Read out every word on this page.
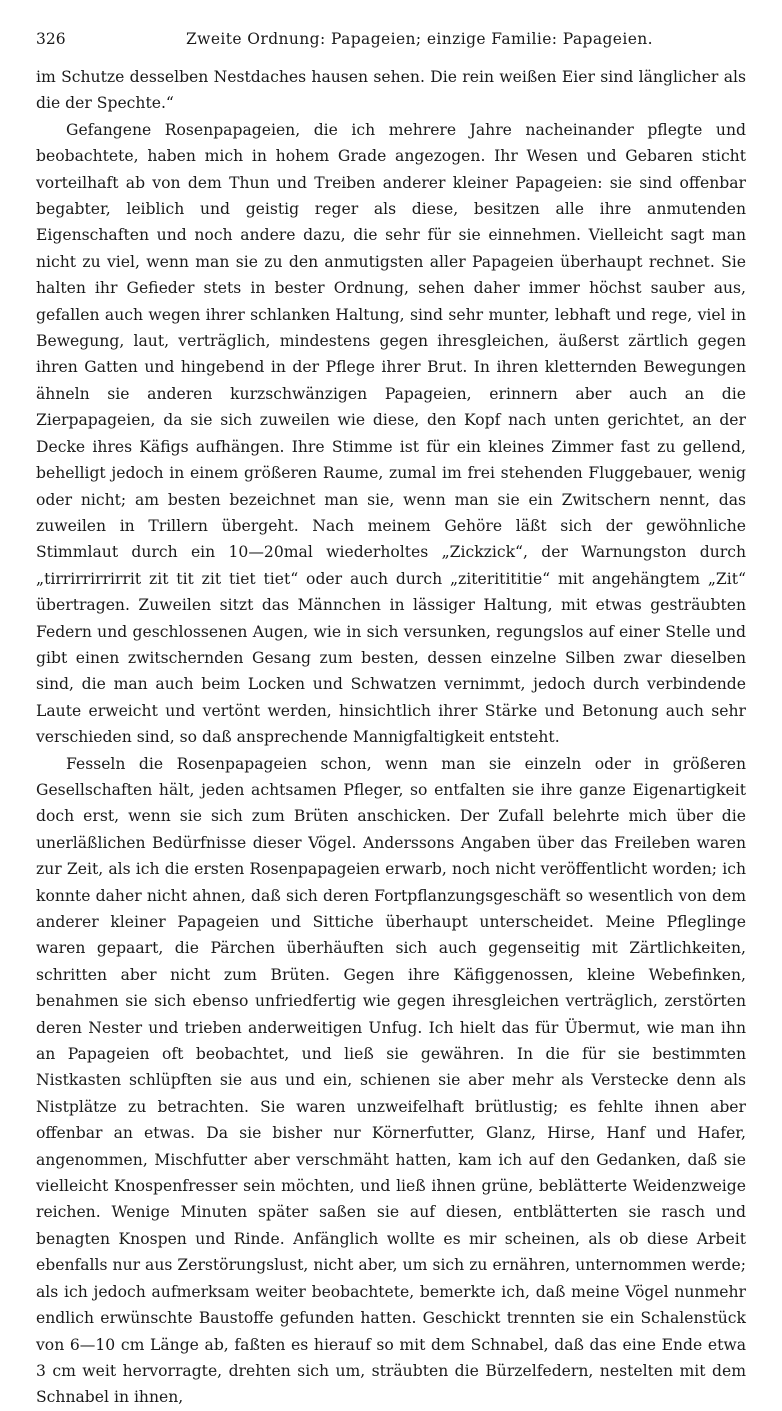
326	Zweite Ordnung: Papageien; einzige Familie: Papageien.

im Schutze desselben Nestdaches hausen sehen. Die rein weißen Eier sind länglicher als die der Spechte.“

Gefangene Rosenpapageien, die ich mehrere Jahre nacheinander pflegte und beobachtete, haben mich in hohem Grade angezogen. Ihr Wesen und Gebaren sticht vorteilhaft ab von dem Thun und Treiben anderer kleiner Papageien: sie sind offenbar begabter, leiblich und geistig reger als diese, besitzen alle ihre anmutenden Eigenschaften und noch andere dazu, die sehr für sie einnehmen. Vielleicht sagt man nicht zu viel, wenn man sie zu den anmutigsten aller Papageien überhaupt rechnet. Sie halten ihr Gefieder stets in bester Ordnung, sehen daher immer höchst sauber aus, gefallen auch wegen ihrer schlanken Haltung, sind sehr munter, lebhaft und rege, viel in Bewegung, laut, verträglich, mindestens gegen ihresgleichen, äußerst zärtlich gegen ihren Gatten und hingebend in der Pflege ihrer Brut. In ihren kletternden Bewegungen ähneln sie anderen kurzschwänzigen Papageien, erinnern aber auch an die Zierpapageien, da sie sich zuweilen wie diese, den Kopf nach unten gerichtet, an der Decke ihres Käfigs aufhängen. Ihre Stimme ist für ein kleines Zimmer fast zu gellend, behelligt jedoch in einem größeren Raume, zumal im frei stehenden Fluggebauer, wenig oder nicht; am besten bezeichnet man sie, wenn man sie ein Zwitschern nennt, das zuweilen in Trillern übergeht. Nach meinem Gehöre läßt sich der gewöhnliche Stimmlaut durch ein 10—20mal wiederholtes „Zickzick“, der Warnungston durch „tirrirrirrirrit zit tit zit tiet tiet“ oder auch durch „ziteritititie“ mit angehängtem „Zit“ übertragen. Zuweilen sitzt das Männchen in lässiger Haltung, mit etwas gesträubten Federn und geschlossenen Augen, wie in sich versunken, regungslos auf einer Stelle und gibt einen zwitschernden Gesang zum besten, dessen einzelne Silben zwar dieselben sind, die man auch beim Locken und Schwatzen vernimmt, jedoch durch verbindende Laute erweicht und vertönt werden, hinsichtlich ihrer Stärke und Betonung auch sehr verschieden sind, so daß ansprechende Mannigfaltigkeit entsteht.

Fesseln die Rosenpapageien schon, wenn man sie einzeln oder in größeren Gesellschaften hält, jeden achtsamen Pfleger, so entfalten sie ihre ganze Eigenartigkeit doch erst, wenn sie sich zum Brüten anschicken. Der Zufall belehrte mich über die unerläßlichen Bedürfnisse dieser Vögel. Anderssons Angaben über das Freileben waren zur Zeit, als ich die ersten Rosenpapageien erwarb, noch nicht veröffentlicht worden; ich konnte daher nicht ahnen, daß sich deren Fortpflanzungsgeschäft so wesentlich von dem anderer kleiner Papageien und Sittiche überhaupt unterscheidet. Meine Pfleglinge waren gepaart, die Pärchen überhäuften sich auch gegenseitig mit Zärtlichkeiten, schritten aber nicht zum Brüten. Gegen ihre Käfiggenossen, kleine Webefinken, benahmen sie sich ebenso unfriedfertig wie gegen ihresgleichen verträglich, zerstörten deren Nester und trieben anderweitigen Unfug. Ich hielt das für Übermut, wie man ihn an Papageien oft beobachtet, und ließ sie gewähren. In die für sie bestimmten Nistkasten schlüpften sie aus und ein, schienen sie aber mehr als Verstecke denn als Nistplätze zu betrachten. Sie waren unzweifelhaft brütlustig; es fehlte ihnen aber offenbar an etwas. Da sie bisher nur Körnerfutter, Glanz, Hirse, Hanf und Hafer, angenommen, Mischfutter aber verschmäht hatten, kam ich auf den Gedanken, daß sie vielleicht Knospenfresser sein möchten, und ließ ihnen grüne, beblätterte Weidenzweige reichen. Wenige Minuten später saßen sie auf diesen, entblätterten sie rasch und benagten Knospen und Rinde. Anfänglich wollte es mir scheinen, als ob diese Arbeit ebenfalls nur aus Zerstörungslust, nicht aber, um sich zu ernähren, unternommen werde; als ich jedoch aufmerksam weiter beobachtete, bemerkte ich, daß meine Vögel nunmehr endlich erwünschte Baustoffe gefunden hatten. Geschickt trennten sie ein Schalenstück von 6—10 cm Länge ab, faßten es hierauf so mit dem Schnabel, daß das eine Ende etwa 3 cm weit hervorragte, drehten sich um, sträubten die Bürzelfedern, nestelten mit dem Schnabel in ihnen,
